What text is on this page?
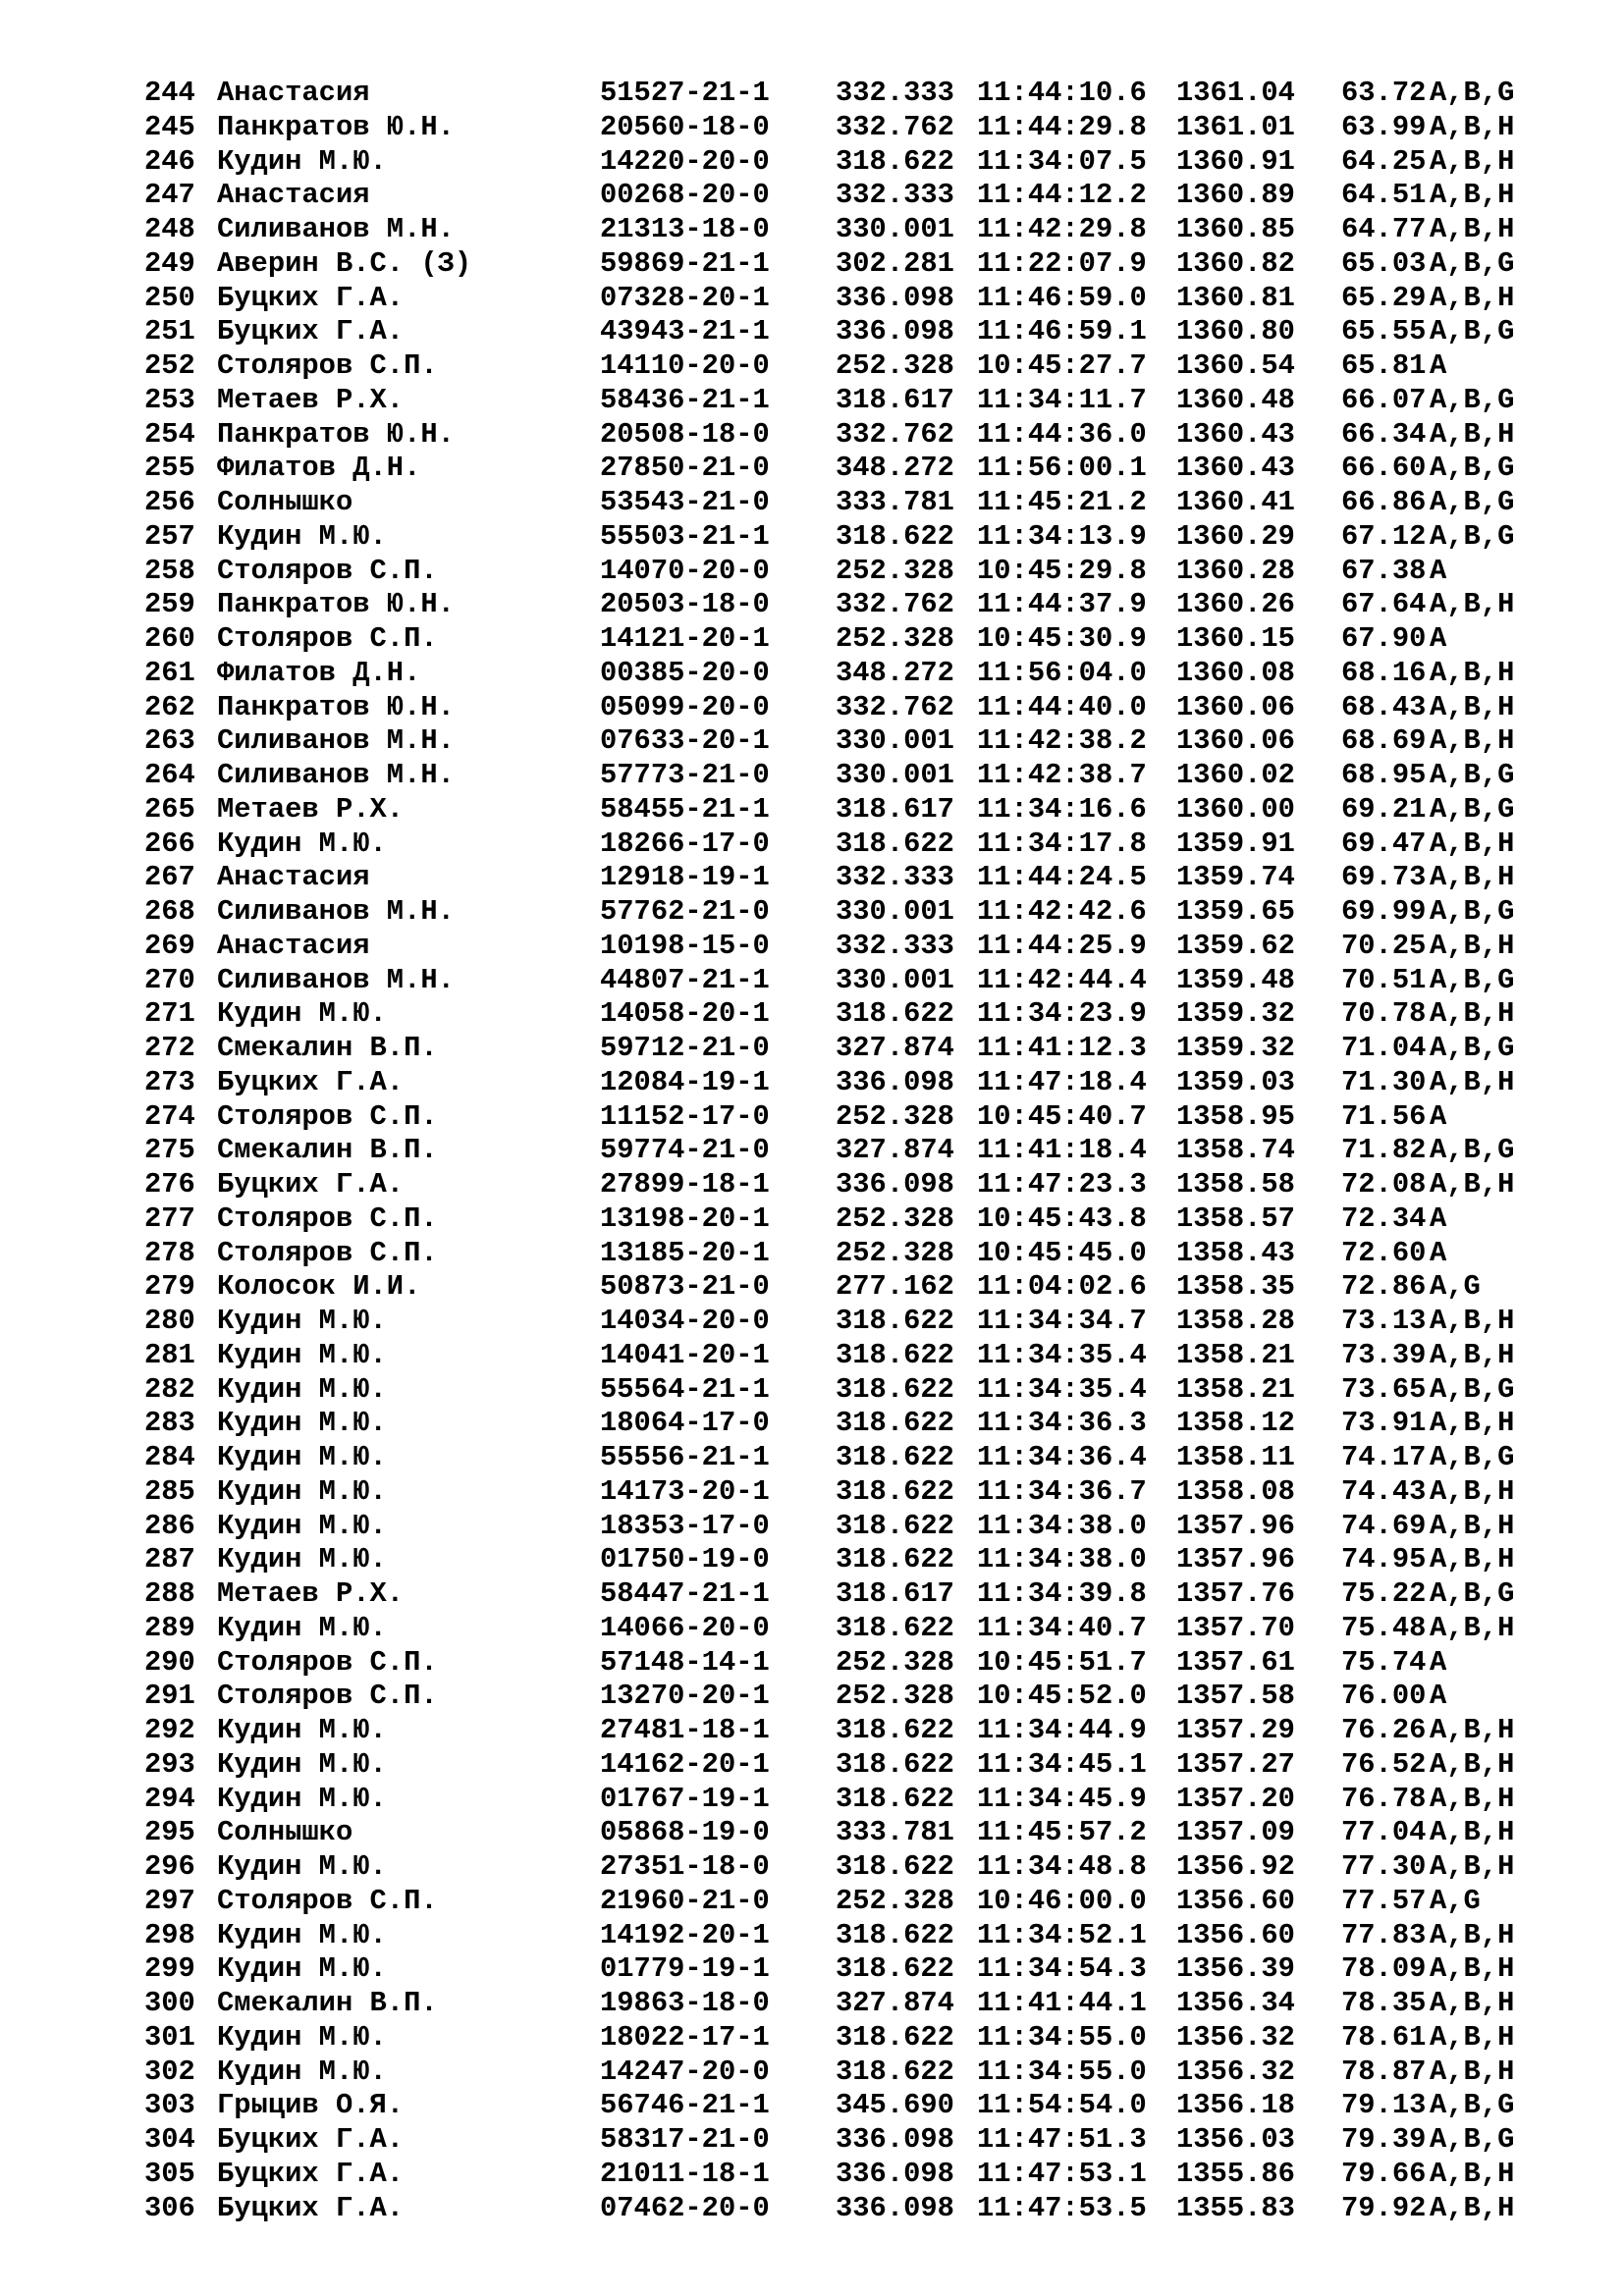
244 Анастасия	51527-21-1 332.333 11:44:10.6 1361.04 63.72 A,B,G
245 Панкратов Ю.Н.	20560-18-0 332.762 11:44:29.8 1361.01 63.99 A,B,H
246 Кудин М.Ю.	14220-20-0 318.622 11:34:07.5 1360.91 64.25 A,B,H
247 Анастасия	00268-20-0 332.333 11:44:12.2 1360.89 64.51 A,B,H
248 Силиванов М.Н.	21313-18-0 330.001 11:42:29.8 1360.85 64.77 A,B,H
249 Аверин В.С. (З)	59869-21-1 302.281 11:22:07.9 1360.82 65.03 A,B,G
250 Буцких Г.А.	07328-20-1 336.098 11:46:59.0 1360.81 65.29 A,B,H
251 Буцких Г.А.	43943-21-1 336.098 11:46:59.1 1360.80 65.55 A,B,G
252 Столяров С.П.	14110-20-0 252.328 10:45:27.7 1360.54 65.81 A
253 Метаев Р.Х.	58436-21-1 318.617 11:34:11.7 1360.48 66.07 A,B,G
254 Панкратов Ю.Н.	20508-18-0 332.762 11:44:36.0 1360.43 66.34 A,B,H
255 Филатов Д.Н.	27850-21-0 348.272 11:56:00.1 1360.43 66.60 A,B,G
256 Солнышко	53543-21-0 333.781 11:45:21.2 1360.41 66.86 A,B,G
257 Кудин М.Ю.	55503-21-1 318.622 11:34:13.9 1360.29 67.12 A,B,G
258 Столяров С.П.	14070-20-0 252.328 10:45:29.8 1360.28 67.38 A
259 Панкратов Ю.Н.	20503-18-0 332.762 11:44:37.9 1360.26 67.64 A,B,H
260 Столяров С.П.	14121-20-1 252.328 10:45:30.9 1360.15 67.90 A
261 Филатов Д.Н.	00385-20-0 348.272 11:56:04.0 1360.08 68.16 A,B,H
262 Панкратов Ю.Н.	05099-20-0 332.762 11:44:40.0 1360.06 68.43 A,B,H
263 Силиванов М.Н.	07633-20-1 330.001 11:42:38.2 1360.06 68.69 A,B,H
264 Силиванов М.Н.	57773-21-0 330.001 11:42:38.7 1360.02 68.95 A,B,G
265 Метаев Р.Х.	58455-21-1 318.617 11:34:16.6 1360.00 69.21 A,B,G
266 Кудин М.Ю.	18266-17-0 318.622 11:34:17.8 1359.91 69.47 A,B,H
267 Анастасия	12918-19-1 332.333 11:44:24.5 1359.74 69.73 A,B,H
268 Силиванов М.Н.	57762-21-0 330.001 11:42:42.6 1359.65 69.99 A,B,G
269 Анастасия	10198-15-0 332.333 11:44:25.9 1359.62 70.25 A,B,H
270 Силиванов М.Н.	44807-21-1 330.001 11:42:44.4 1359.48 70.51 A,B,G
271 Кудин М.Ю.	14058-20-1 318.622 11:34:23.9 1359.32 70.78 A,B,H
272 Смекалин В.П.	59712-21-0 327.874 11:41:12.3 1359.32 71.04 A,B,G
273 Буцких Г.А.	12084-19-1 336.098 11:47:18.4 1359.03 71.30 A,B,H
274 Столяров С.П.	11152-17-0 252.328 10:45:40.7 1358.95 71.56 A
275 Смекалин В.П.	59774-21-0 327.874 11:41:18.4 1358.74 71.82 A,B,G
276 Буцких Г.А.	27899-18-1 336.098 11:47:23.3 1358.58 72.08 A,B,H
277 Столяров С.П.	13198-20-1 252.328 10:45:43.8 1358.57 72.34 A
278 Столяров С.П.	13185-20-1 252.328 10:45:45.0 1358.43 72.60 A
279 Колосок И.И.	50873-21-0 277.162 11:04:02.6 1358.35 72.86 A,G
280 Кудин М.Ю.	14034-20-0 318.622 11:34:34.7 1358.28 73.13 A,B,H
281 Кудин М.Ю.	14041-20-1 318.622 11:34:35.4 1358.21 73.39 A,B,H
282 Кудин М.Ю.	55564-21-1 318.622 11:34:35.4 1358.21 73.65 A,B,G
283 Кудин М.Ю.	18064-17-0 318.622 11:34:36.3 1358.12 73.91 A,B,H
284 Кудин М.Ю.	55556-21-1 318.622 11:34:36.4 1358.11 74.17 A,B,G
285 Кудин М.Ю.	14173-20-1 318.622 11:34:36.7 1358.08 74.43 A,B,H
286 Кудин М.Ю.	18353-17-0 318.622 11:34:38.0 1357.96 74.69 A,B,H
287 Кудин М.Ю.	01750-19-0 318.622 11:34:38.0 1357.96 74.95 A,B,H
288 Метаев Р.Х.	58447-21-1 318.617 11:34:39.8 1357.76 75.22 A,B,G
289 Кудин М.Ю.	14066-20-0 318.622 11:34:40.7 1357.70 75.48 A,B,H
290 Столяров С.П.	57148-14-1 252.328 10:45:51.7 1357.61 75.74 A
291 Столяров С.П.	13270-20-1 252.328 10:45:52.0 1357.58 76.00 A
292 Кудин М.Ю.	27481-18-1 318.622 11:34:44.9 1357.29 76.26 A,B,H
293 Кудин М.Ю.	14162-20-1 318.622 11:34:45.1 1357.27 76.52 A,B,H
294 Кудин М.Ю.	01767-19-1 318.622 11:34:45.9 1357.20 76.78 A,B,H
295 Солнышко	05868-19-0 333.781 11:45:57.2 1357.09 77.04 A,B,H
296 Кудин М.Ю.	27351-18-0 318.622 11:34:48.8 1356.92 77.30 A,B,H
297 Столяров С.П.	21960-21-0 252.328 10:46:00.0 1356.60 77.57 A,G
298 Кудин М.Ю.	14192-20-1 318.622 11:34:52.1 1356.60 77.83 A,B,H
299 Кудин М.Ю.	01779-19-1 318.622 11:34:54.3 1356.39 78.09 A,B,H
300 Смекалин В.П.	19863-18-0 327.874 11:41:44.1 1356.34 78.35 A,B,H
301 Кудин М.Ю.	18022-17-1 318.622 11:34:55.0 1356.32 78.61 A,B,H
302 Кудин М.Ю.	14247-20-0 318.622 11:34:55.0 1356.32 78.87 A,B,H
303 Грыцив О.Я.	56746-21-1 345.690 11:54:54.0 1356.18 79.13 A,B,G
304 Буцких Г.А.	58317-21-0 336.098 11:47:51.3 1356.03 79.39 A,B,G
305 Буцких Г.А.	21011-18-1 336.098 11:47:53.1 1355.86 79.66 A,B,H
306 Буцких Г.А.	07462-20-0 336.098 11:47:53.5 1355.83 79.92 A,B,H
